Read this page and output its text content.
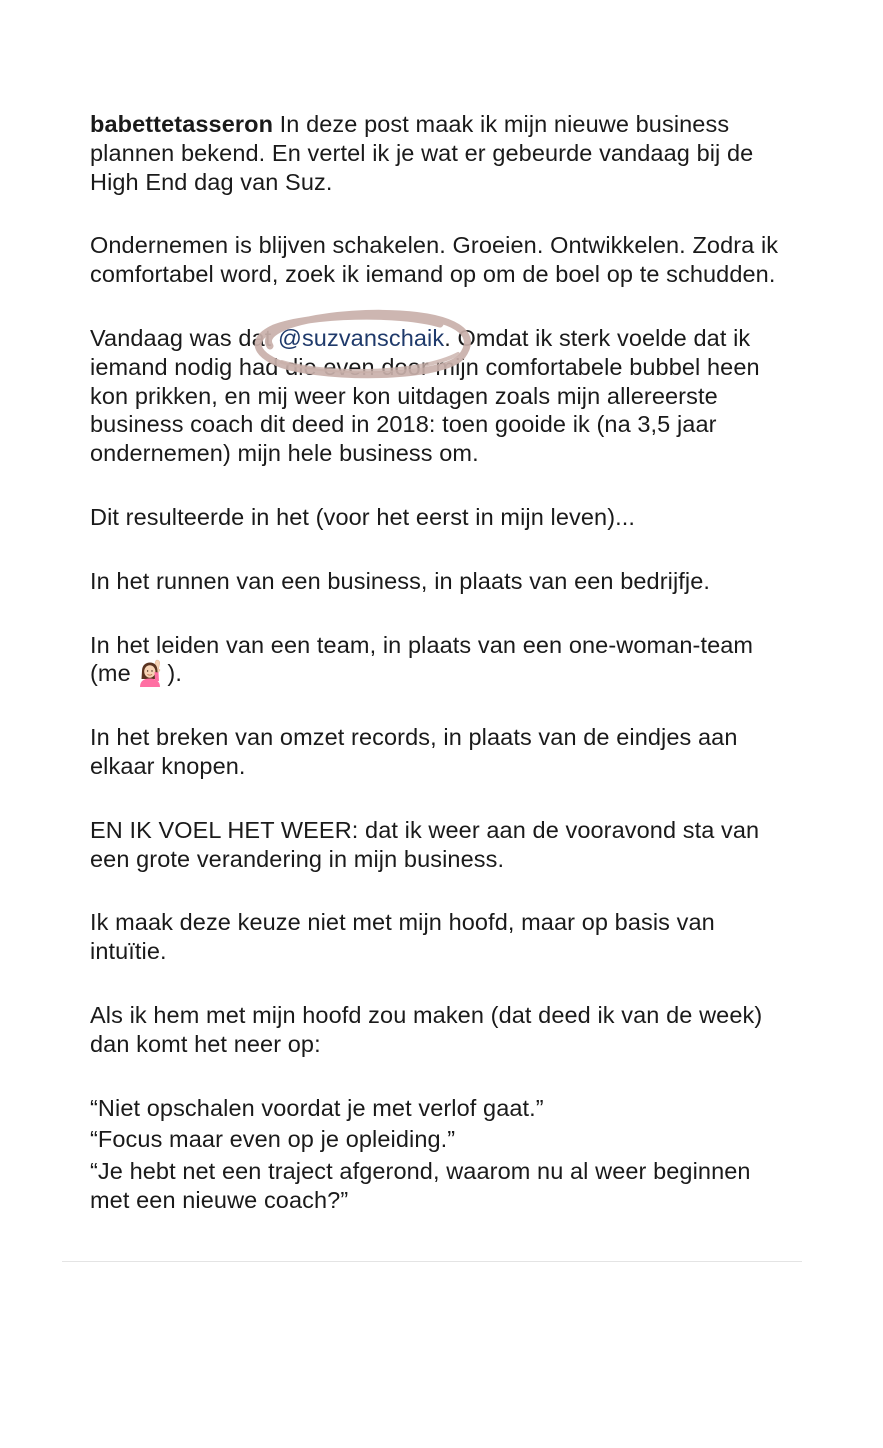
babettetasseron In deze post maak ik mijn nieuwe business plannen bekend. En vertel ik je wat er gebeurde vandaag bij de High End dag van Suz.

Ondernemen is blijven schakelen. Groeien. Ontwikkelen. Zodra ik comfortabel word, zoek ik iemand op om de boel op te schudden.

Vandaag was dat @suzvanschaik
. Omdat ik sterk voelde dat ik iemand nodig had die even door mijn comfortabele bubbel heen kon prikken, en mij weer kon uitdagen zoals mijn allereerste business coach dit deed in 2018: toen gooide ik (na 3,5 jaar ondernemen) mijn hele business om.

Dit resulteerde in het (voor het eerst in mijn leven)...

In het runnen van een business, in plaats van een bedrijfje.

In het leiden van een team, in plaats van een one-woman-team (me ).

In het breken van omzet records, in plaats van de eindjes aan elkaar knopen.

EN IK VOEL HET WEER: dat ik weer aan de vooravond sta van een grote verandering in mijn business.

Ik maak deze keuze niet met mijn hoofd, maar op basis van intuïtie.

Als ik hem met mijn hoofd zou maken (dat deed ik van de week) dan komt het neer op:

“Niet opschalen voordat je met verlof gaat.”
“Focus maar even op je opleiding.”
“Je hebt net een traject afgerond, waarom nu al weer beginnen met een nieuwe coach?”
